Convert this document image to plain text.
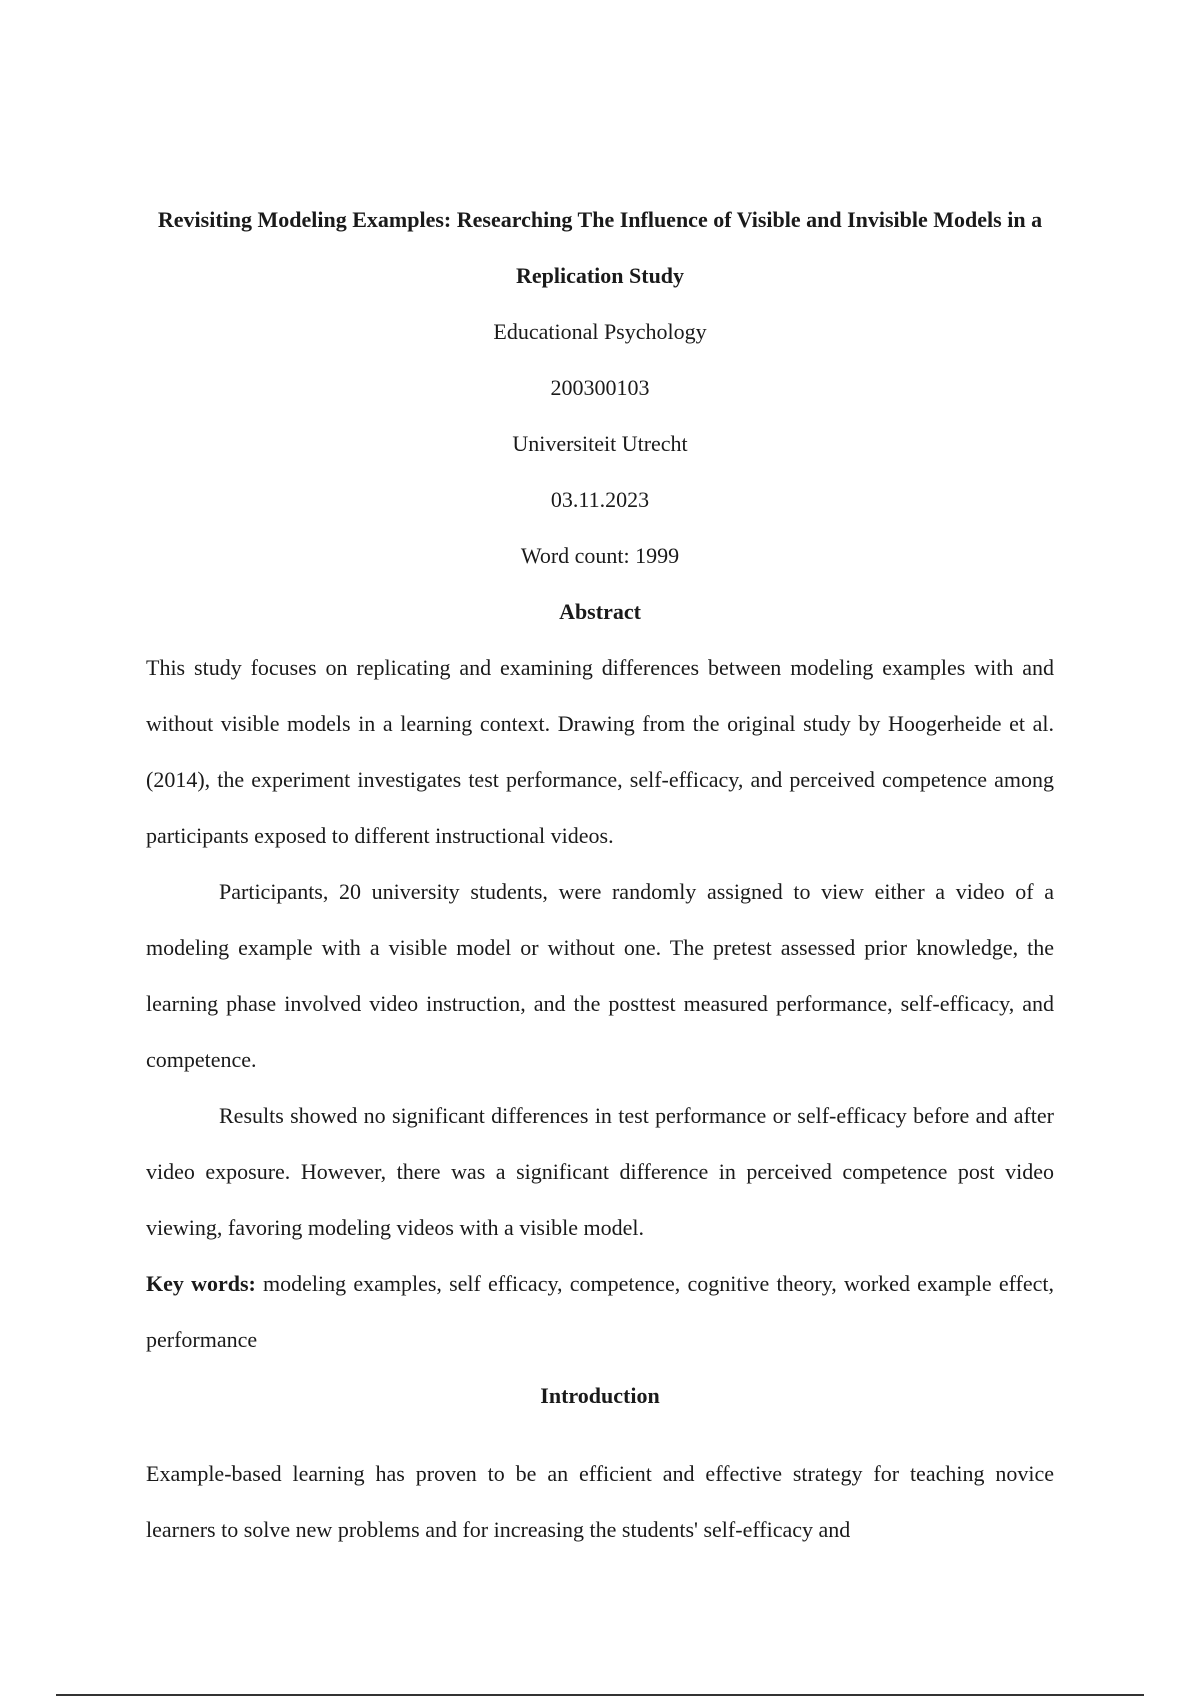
Revisiting Modeling Examples: Researching The Influence of Visible and Invisible Models in a Replication Study

Educational Psychology

200300103

Universiteit Utrecht

03.11.2023

Word count: 1999

Abstract

This study focuses on replicating and examining differences between modeling examples with and without visible models in a learning context. Drawing from the original study by Hoogerheide et al. (2014), the experiment investigates test performance, self-efficacy, and perceived competence among participants exposed to different instructional videos.

Participants, 20 university students, were randomly assigned to view either a video of a modeling example with a visible model or without one. The pretest assessed prior knowledge, the learning phase involved video instruction, and the posttest measured performance, self-efficacy, and competence.

Results showed no significant differences in test performance or self-efficacy before and after video exposure. However, there was a significant difference in perceived competence post video viewing, favoring modeling videos with a visible model.

Key words: modeling examples, self efficacy, competence, cognitive theory, worked example effect, performance

Introduction

Example-based learning has proven to be an efficient and effective strategy for teaching novice learners to solve new problems and for increasing the students' self-efficacy and
